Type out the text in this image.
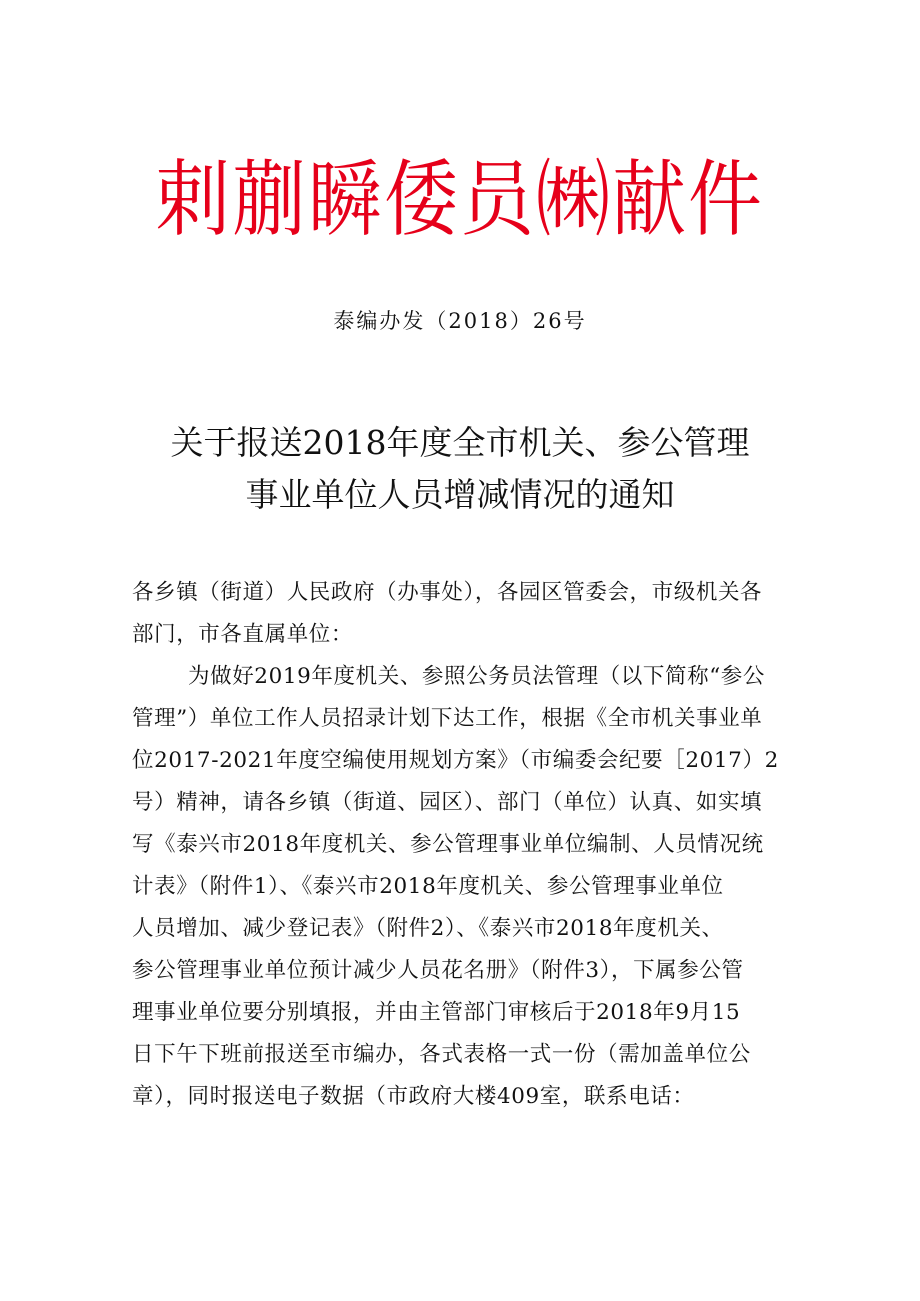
剌蒯瞬倭员㈱献件
泰编办发（2018）26号
关于报送2018年度全市机关、参公管理
事业单位人员增减情况的通知
各乡镇（街道）人民政府（办事处），各园区管委会，市级机关各
部门，市各直属单位：
为做好2019年度机关、参照公务员法管理（以下简称“参公
管理”）单位工作人员招录计划下达工作，根据《全市机关事业单
位2017-2021年度空编使用规划方案》（市编委会纪要［2017）2
号）精神，请各乡镇（街道、园区）、部门（单位）认真、如实填
写《泰兴市2018年度机关、参公管理事业单位编制、人员情况统
计表》（附件1）、《泰兴市2018年度机关、参公管理事业单位
人员增加、减少登记表》（附件2）、《泰兴市2018年度机关、
参公管理事业单位预计减少人员花名册》（附件3），下属参公管
理事业单位要分别填报，并由主管部门审核后于2018年9月15
日下午下班前报送至市编办，各式表格一式一份（需加盖单位公
章），同时报送电子数据（市政府大楼409室，联系电话：
